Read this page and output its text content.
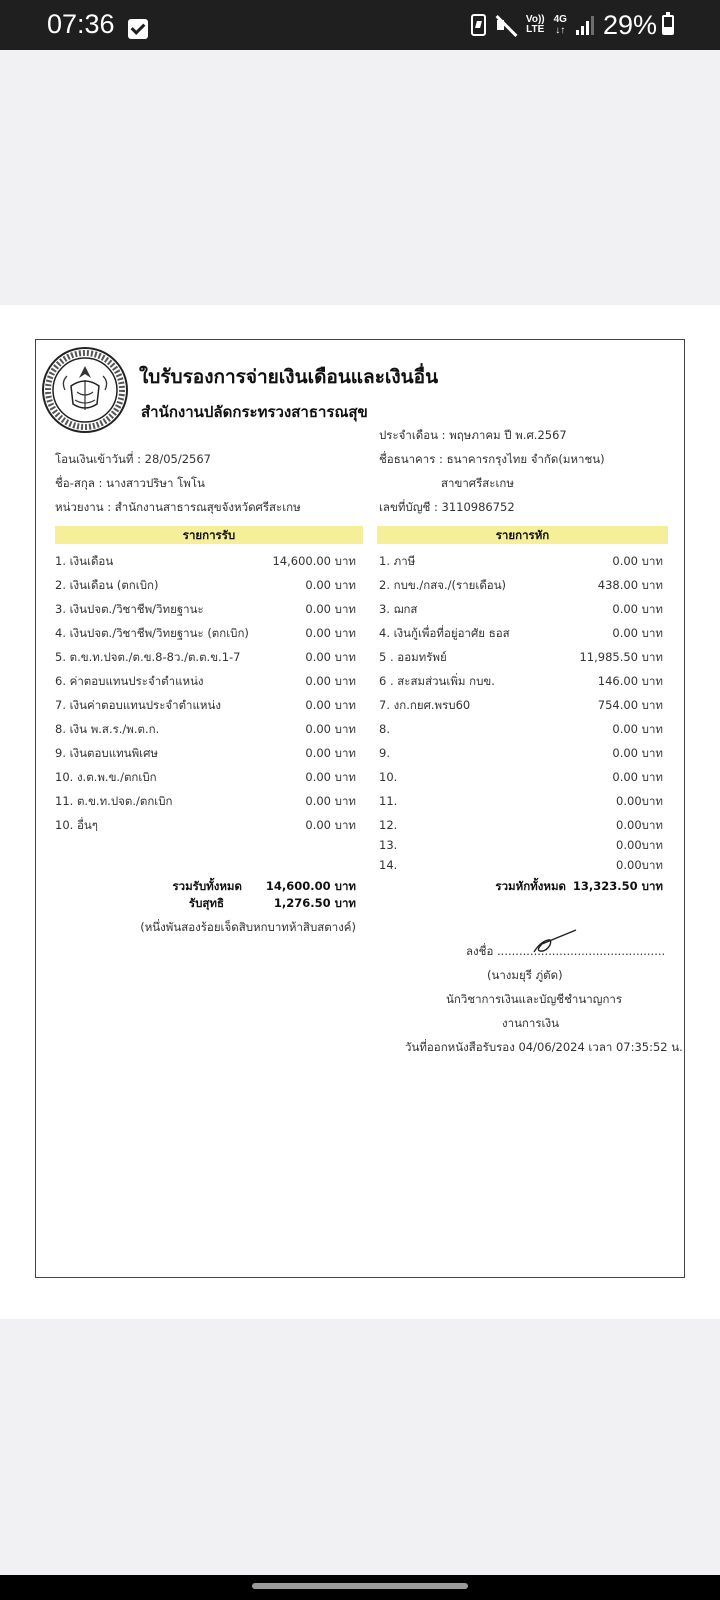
07:36	Vo))
LTE
4G
↓↑ 29%
ใบรับรองการจ่ายเงินเดือนและเงินอื่น
สำนักงานปลัดกระทรวงสาธารณสุข
ประจำเดือน : พฤษภาคม ปี พ.ศ.2567
โอนเงินเข้าวันที่ : 28/05/2567	ชื่อธนาคาร : ธนาคารกรุงไทย จำกัด(มหาชน)
ชื่อ-สกุล : นางสาวปริษา โพโน	สาขาศรีสะเกษ
หน่วยงาน : สำนักงานสาธารณสุขจังหวัดศรีสะเกษ	เลขที่บัญชี : 3110986752
รายการรับ	รายการหัก
1. เงินเดือน	14,600.00 บาท
2. เงินเดือน (ตกเบิก)	0.00 บาท
3. เงินปจต./วิชาชีพ/วิทยฐานะ	0.00 บาท
4. เงินปจต./วิชาชีพ/วิทยฐานะ (ตกเบิก)	0.00 บาท
5. ต.ข.ท.ปจต./ต.ข.8-8ว./ต.ต.ข.1-7	0.00 บาท
6. ค่าตอบแทนประจำตำแหน่ง	0.00 บาท
7. เงินค่าตอบแทนประจำตำแหน่ง	0.00 บาท
8. เงิน พ.ส.ร./พ.ต.ก.	0.00 บาท
9. เงินตอบแทนพิเศษ	0.00 บาท
10. ง.ต.พ.ข./ตกเบิก	0.00 บาท
11. ต.ข.ท.ปจต./ตกเบิก	0.00 บาท
10. อื่นๆ	0.00 บาท
1. ภาษี	0.00 บาท
2. กบข./กสจ./(รายเดือน)	438.00 บาท
3. ฌกส	0.00 บาท
4. เงินกู้เพื่อที่อยู่อาศัย ธอส	0.00 บาท
5 . ออมทรัพย์	11,985.50 บาท
6 . สะสมส่วนเพิ่ม กบข.	146.00 บาท
7. งก.กยศ.พรบ60	754.00 บาท
8.	0.00 บาท
9.	0.00 บาท
10.	0.00 บาท
11.	0.00บาท
12.	0.00บาท
13.	0.00บาท
14.	0.00บาท
รวมรับทั้งหมด	14,600.00 บาท
รับสุทธิ	1,276.50 บาท
(หนึ่งพันสองร้อยเจ็ดสิบหกบาทห้าสิบสตางค์)
รวมหักทั้งหมด 13,323.50 บาท
ลงชื่อ ..............................................
(นางมยุรี ภู่ตัด)
นักวิชาการเงินและบัญชีชำนาญการ
งานการเงิน
วันที่ออกหนังสือรับรอง 04/06/2024 เวลา 07:35:52 น.
